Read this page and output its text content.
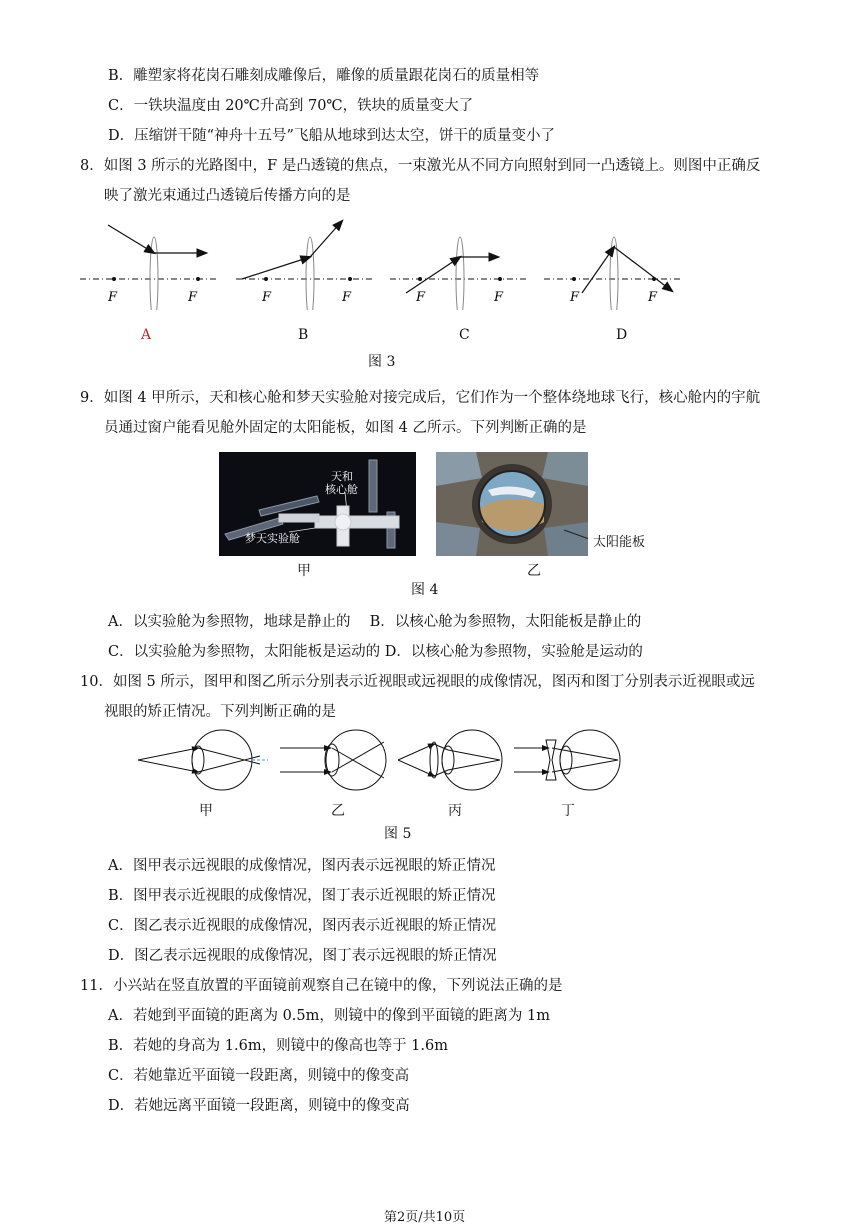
B．雕塑家将花岗石雕刻成雕像后，雕像的质量跟花岗石的质量相等
C．一铁块温度由 20℃升高到 70℃，铁块的质量变大了
D．压缩饼干随“神舟十五号”飞船从地球到达太空，饼干的质量变小了
8．如图 3 所示的光路图中，F 是凸透镜的焦点，一束激光从不同方向照射到同一凸透镜上。则图中正确反
映了激光束通过凸透镜后传播方向的是
F	F	F	F	F	F	F	F
A	B	C	D
图 3
9．如图 4 甲所示，天和核心舱和梦天实验舱对接完成后，它们作为一个整体绕地球飞行，核心舱内的宇航
员通过窗户能看见舱外固定的太阳能板，如图 4 乙所示。下列判断正确的是
天和
核心舱
梦天实验舱	太阳能板
甲	乙
图 4
A．以实验舱为参照物，地球是静止的　 B．以核心舱为参照物，太阳能板是静止的
C．以实验舱为参照物，太阳能板是运动的 D．以核心舱为参照物，实验舱是运动的
10．如图 5 所示，图甲和图乙所示分别表示近视眼或远视眼的成像情况，图丙和图丁分别表示近视眼或远
视眼的矫正情况。下列判断正确的是
甲	乙	丙	丁
图 5
A．图甲表示远视眼的成像情况，图丙表示远视眼的矫正情况
B．图甲表示近视眼的成像情况，图丁表示近视眼的矫正情况
C．图乙表示近视眼的成像情况，图丙表示近视眼的矫正情况
D．图乙表示远视眼的成像情况，图丁表示远视眼的矫正情况
11．小兴站在竖直放置的平面镜前观察自己在镜中的像，下列说法正确的是
A．若她到平面镜的距离为 0.5m，则镜中的像到平面镜的距离为 1m
B．若她的身高为 1.6m，则镜中的像高也等于 1.6m
C．若她靠近平面镜一段距离，则镜中的像变高
D．若她远离平面镜一段距离，则镜中的像变高
第2页/共10页
